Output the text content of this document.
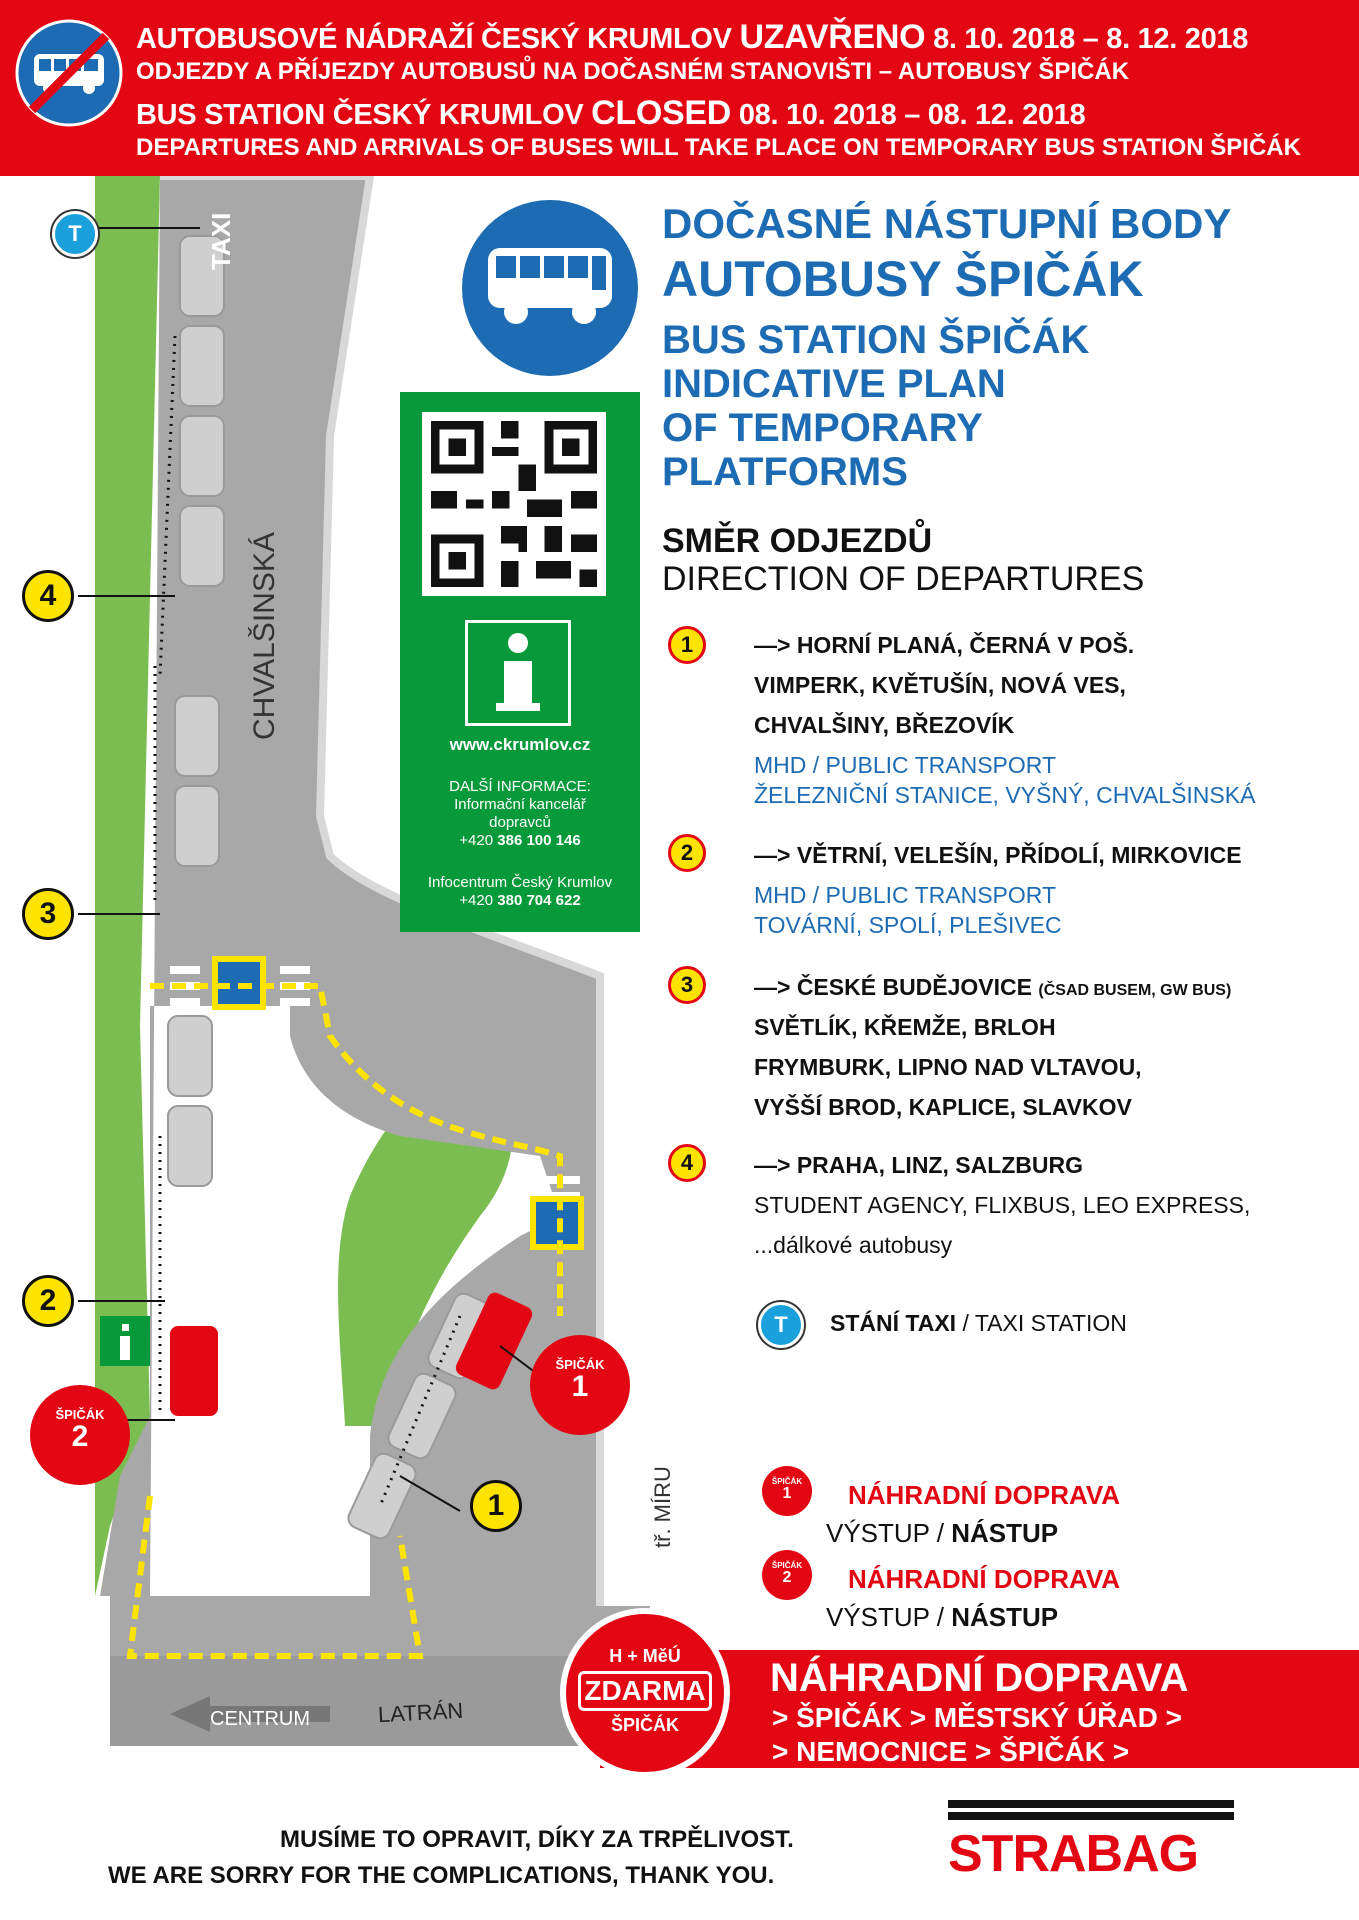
AUTOBUSOVÉ NÁDRAŽÍ ČESKÝ KRUMLOV UZAVŘENO 8. 10. 2018 – 8. 12. 2018
ODJEZDY A PŘÍJEZDY AUTOBUSŮ NA DOČASNÉM STANOVIŠTI – AUTOBUSY ŠPIČÁK
BUS STATION ČESKÝ KRUMLOV CLOSED 08. 10. 2018 – 08. 12. 2018
DEPARTURES AND ARRIVALS OF BUSES WILL TAKE PLACE ON TEMPORARY BUS STATION ŠPIČÁK
TAXI
CHVALŠINSKÁ
tř. MÍRU
LATRÁN
CENTRUM
T
4
3
2
1
ŠPIČÁK
1
ŠPIČÁK
2
DOČASNÉ NÁSTUPNÍ BODY
AUTOBUSY ŠPIČÁK
BUS STATION ŠPIČÁK
INDICATIVE PLAN
OF TEMPORARY
PLATFORMS
www.ckrumlov.cz
DALŠÍ INFORMACE:
Informační kancelář
dopravců
+420 386 100 146
Infocentrum Český Krumlov
+420 380 704 622
SMĚR ODJEZDŮ
DIRECTION OF DEPARTURES
1	—> HORNÍ PLANÁ, ČERNÁ V POŠ.
VIMPERK, KVĚTUŠÍN, NOVÁ VES,
CHVALŠINY, BŘEZOVÍK
MHD / PUBLIC TRANSPORT
ŽELEZNIČNÍ STANICE, VYŠNÝ, CHVALŠINSKÁ
2	—> VĚTRNÍ, VELEŠÍN, PŘÍDOLÍ, MIRKOVICE
MHD / PUBLIC TRANSPORT
TOVÁRNÍ, SPOLÍ, PLEŠIVEC
3	—> ČESKÉ BUDĚJOVICE (ČSAD BUSEM, GW BUS)
SVĚTLÍK, KŘEMŽE, BRLOH
FRYMBURK, LIPNO NAD VLTAVOU,
VYŠŠÍ BROD, KAPLICE, SLAVKOV
4	—> PRAHA, LINZ, SALZBURG
STUDENT AGENCY, FLIXBUS, LEO EXPRESS,
...dálkové autobusy
T	STÁNÍ TAXI / TAXI STATION
ŠPIČÁK
1	NÁHRADNÍ DOPRAVA
VÝSTUP / NÁSTUP
ŠPIČÁK
2	NÁHRADNÍ DOPRAVA
VÝSTUP / NÁSTUP
NÁHRADNÍ DOPRAVA
> ŠPIČÁK > MĚSTSKÝ ÚŘAD >
> NEMOCNICE > ŠPIČÁK >
H + MěÚ
ZDARMA
ŠPIČÁK
MUSÍME TO OPRAVIT, DÍKY ZA TRPĚLIVOST.
WE ARE SORRY FOR THE COMPLICATIONS, THANK YOU.	STRABAG
